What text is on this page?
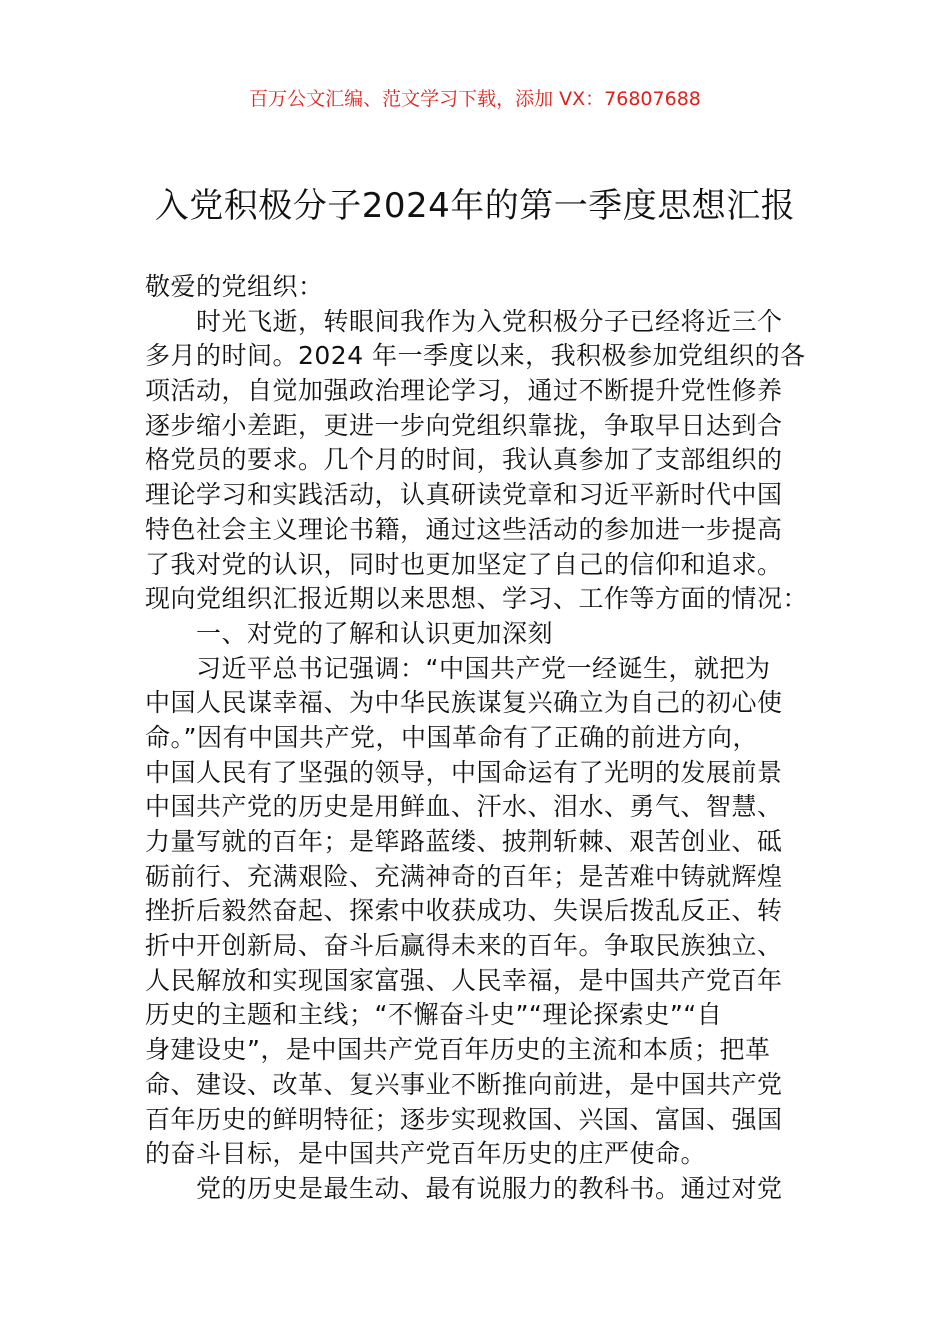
百万公文汇编、范文学习下载，添加 VX：76807688
入党积极分子2024年的第一季度思想汇报
敬爱的党组织：
时光飞逝，转眼间我作为入党积极分子已经将近三个
多月的时间。2024 年一季度以来，我积极参加党组织的各
项活动，自觉加强政治理论学习，通过不断提升党性修养
逐步缩小差距，更进一步向党组织靠拢，争取早日达到合
格党员的要求。几个月的时间，我认真参加了支部组织的
理论学习和实践活动，认真研读党章和习近平新时代中国
特色社会主义理论书籍，通过这些活动的参加进一步提高
了我对党的认识，同时也更加坚定了自己的信仰和追求。
现向党组织汇报近期以来思想、学习、工作等方面的情况：
一、对党的了解和认识更加深刻
习近平总书记强调：“中国共产党一经诞生，就把为
中国人民谋幸福、为中华民族谋复兴确立为自己的初心使
命。”因有中国共产党，中国革命有了正确的前进方向，
中国人民有了坚强的领导，中国命运有了光明的发展前景
中国共产党的历史是用鲜血、汗水、泪水、勇气、智慧、
力量写就的百年；是筚路蓝缕、披荆斩棘、艰苦创业、砥
砺前行、充满艰险、充满神奇的百年；是苦难中铸就辉煌
挫折后毅然奋起、探索中收获成功、失误后拨乱反正、转
折中开创新局、奋斗后赢得未来的百年。争取民族独立、
人民解放和实现国家富强、人民幸福，是中国共产党百年
历史的主题和主线；“不懈奋斗史”“理论探索史”“自
身建设史”，是中国共产党百年历史的主流和本质；把革
命、建设、改革、复兴事业不断推向前进，是中国共产党
百年历史的鲜明特征；逐步实现救国、兴国、富国、强国
的奋斗目标，是中国共产党百年历史的庄严使命。
党的历史是最生动、最有说服力的教科书。通过对党
